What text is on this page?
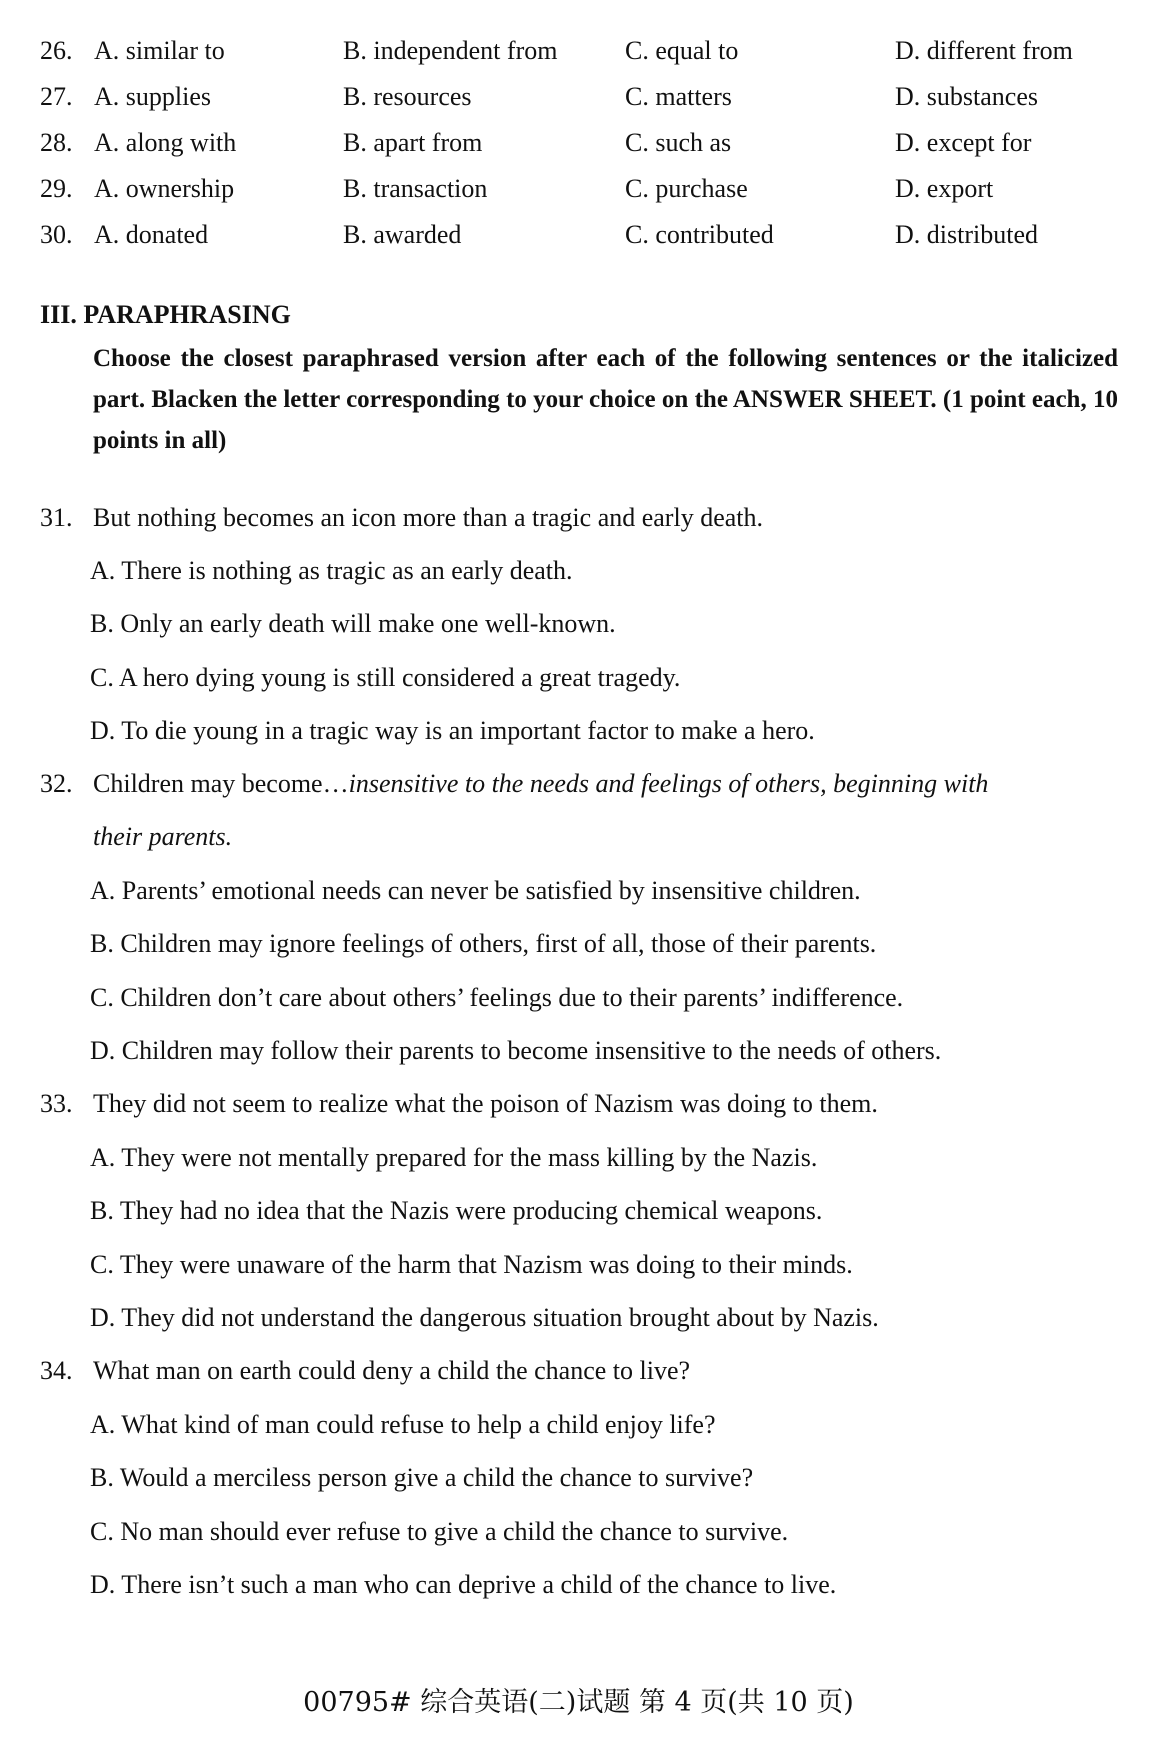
26. A. similar to	B. independent from	C. equal to	D. different from
27. A. supplies	B. resources	C. matters	D. substances
28. A. along with	B. apart from	C. such as	D. except for
29. A. ownership	B. transaction	C. purchase	D. export
30. A. donated	B. awarded	C. contributed	D. distributed
III. PARAPHRASING
Choose the closest paraphrased version after each of the following sentences or the italicized part. Blacken the letter corresponding to your choice on the ANSWER SHEET. (1 point each, 10 points in all)
31. But nothing becomes an icon more than a tragic and early death.
A. There is nothing as tragic as an early death.
B. Only an early death will make one well-known.
C. A hero dying young is still considered a great tragedy.
D. To die young in a tragic way is an important factor to make a hero.
32. Children may become…insensitive to the needs and feelings of others, beginning with
their parents.
A. Parents’ emotional needs can never be satisfied by insensitive children.
B. Children may ignore feelings of others, first of all, those of their parents.
C. Children don’t care about others’ feelings due to their parents’ indifference.
D. Children may follow their parents to become insensitive to the needs of others.
33. They did not seem to realize what the poison of Nazism was doing to them.
A. They were not mentally prepared for the mass killing by the Nazis.
B. They had no idea that the Nazis were producing chemical weapons.
C. They were unaware of the harm that Nazism was doing to their minds.
D. They did not understand the dangerous situation brought about by Nazis.
34. What man on earth could deny a child the chance to live?
A. What kind of man could refuse to help a child enjoy life?
B. Would a merciless person give a child the chance to survive?
C. No man should ever refuse to give a child the chance to survive.
D. There isn’t such a man who can deprive a child of the chance to live.
00795# 综合英语(二)试题 第 4 页(共 10 页)
